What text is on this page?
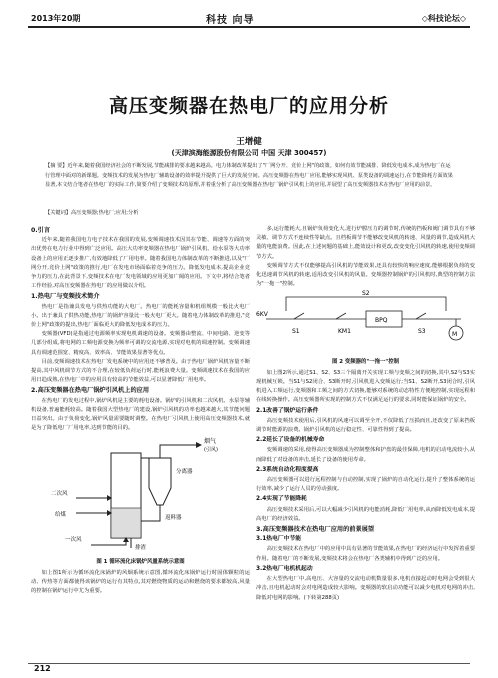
2013年20期	科技 向导	◇科技论坛◇
高压变频器在热电厂的应用分析
王增健
(天津滨海能源股份有限公司 中国 天津 300457)
【摘 要】近年来,随着我国经济社会的不断发展,节能减排的要求越来越高。电力体制改革提出了"厂网分开、竞价上网"的政策。如何有效节能减排、降低发电成本,成为热电厂在运行管理中面对的新课题。变频技术的发展为热电厂辅助设备的效率提升提供了巨大的发展空间。高压变频器在热电厂应用,能够实现风机、泵类设备的调速运行,在节能降耗方面效果显著,本文结合笔者在热电厂的实际工作,简要介绍了变频技术的原理,并着重分析了高压变频器在热电厂锅炉引风机上的应用,并展望了高压变频器技术在热电厂应用的前景。
【关键词】高压变频器;热电厂;应用;分析
0.引言

近年来,随着我国电力电子技术在我国的发展,变频调速技术因其在节能、调速等方面的突出优势在电力行业中得到广泛应用。高压大功率变频器在热电厂锅炉引风机、给水泵等大功率设备上的应用正逐步推广,有效地降低了厂用电率。随着我国电力体制改革的不断推进,以及"厂网分开,竞价上网"政策的推行,电厂在发电市场面临着竞争的压力。降低发电成本,提高企业竞争力的压力,在此背景下,变频技术在电厂发电领域的应用更加广阔的应用。下文中,将结合笔者工作经验,对高压变频器在热电厂的应用做以介绍。

1.热电厂与变频技术简介

热电厂是指兼具发电与供热功能的大电厂。热电厂的能耗容量和机组规模一般比火电厂小。出于兼具了供热功能,热电厂的锅炉容量比一般火电厂更大。随着电力体制改革的推进,"竞价上网"政策的提出,热电厂面临更大的降低发电成本的压力。

变频器(VFD)是指通过电源频率实现电机调速的设备。变频器由整流、中间电路、逆变等几部分组成,将电网的工频电源变换为频率可调的交流电源,实现对电机的调速控制。变频调速具有调速范围宽、精度高、效率高、节能效果显著等优点。

目前,变频调速技术在热电厂发电系统中的应用还不够普及。由于热电厂锅炉风机容量不断提高,其中风机调节方式的不合理,在较低负荷运行时,能耗浪费大量。变频调速技术在我国的应用日趋成熟,在热电厂中的应用具有较高的节能效益,可以显著降低厂用电率。

2.高压变频器在热电厂锅炉引风机上的应用

在热电厂的发电过程中,锅炉风机是主要的耗电设备。锅炉的引风机和二次风机、水泵等辅机设备,普遍能耗较高。随着我国大型热电厂的建设,锅炉引风机的功率也越来越大,其节能问题日益突出。由于负荷变化,锅炉风量需要随时调整。在热电厂引风机上使用高压变频器技术,就是为了降低电厂厂用电率,达到节能的目的。

烟气
(引风)
分离器
二次风
给煤
一次风
排渣
返料器
图 1 循环流化床锅炉风量系统示意图

如上图1所示为循环流化床锅炉的风烟系统示意图,循环流化床锅炉运行时固体颗粒的运动、传热等方面都使得该锅炉的运行有其特点,其对燃烧物质的运动和燃烧的要求都较高,风量的控制在锅炉运行中尤为重要。

多,运行能耗大,且锅炉负荷变化大,进行炉膛压力的调节时,传统的挡板和阀门调节具有不够灵敏、调节方式不连续性等缺点。且档板调节不能够改变风机的转速、风量的调节,造成风机大量的电能浪费。因此,在上述问题的基础上,能效设计和更改,改变变化引风机的转速,使用变频调节方式。

变频调节方式不仅能够提高引风机的节能效果,还具有较快的响应速度,能够根据负荷的变化迅速调节风机的转速,适用改变引风机的风量。变频器控制锅炉的引风机时,典型的控制方法为"一拖一"控制。

S2
6KV
S1	KM1
BPQ
S3	M
图 2 变频器的"一拖一"控制

如上图2所示,通过S1、S2、S3三个隔离开关实现工频与变频之间的切换,其中,S2与S3实现机械互锁。当S1与S2闭合、S3断开时,引风机进入变频运行;当S1、S2断开,S3闭合时,引风机进入工频运行,变频器和工频之间的方式切换,能够对系统的动态特性方便地控制,实现远程和在线转换操作。高压变频器所实现的控制方式不仅满足运行的要求,同时能保证锅炉的安全。

2.1改善了锅炉运行条件

高压变频技术使用后,引风机的风速可以调至全开,不仅降低了压损而且,还改变了原来挡板调节时能源的浪费。锅炉引风机的运行稳定性、可靠性得到了提高。

2.2延长了设备的机械寿命

变频调速的采用,使得高压变频器成为控制整体和护盘的最佳保障,电机的启动电流较小,从而降低了对设备的冲击,延长了设备的使用寿命。

2.3系统自动化程度提高

高压变频器可以进行远程控制与自动控制,实现了锅炉的自动化运行,提升了整体系统的运行效率,减少了运行人员的劳动强度。

2.4实现了节能降耗

高压变频技术采用后,可以大幅减少引风机的电能消耗,降低厂用电率,从而降低发电成本,提高电厂的经济效益。

3.高压变频器技术在热电厂应用的前景展望
3.1热电厂中节能

高压变频技术在热电厂中的应用中具有显著的节能效果,在热电厂的经济运行中发挥着重要作用。随着电厂的不断发展,变频技术将会在热电厂各类辅机中得到广泛的应用。

3.2热电厂电机机起动

在大型热电厂中,高电压、大容量的交流电动机数量很多,电机直接起动时电网会受到很大冲击,且电机起动时会对电网造成较大影响。变频器的软启动功能可以减少电机对电网的冲击,降低对电网的影响。(下转第288页)

212
